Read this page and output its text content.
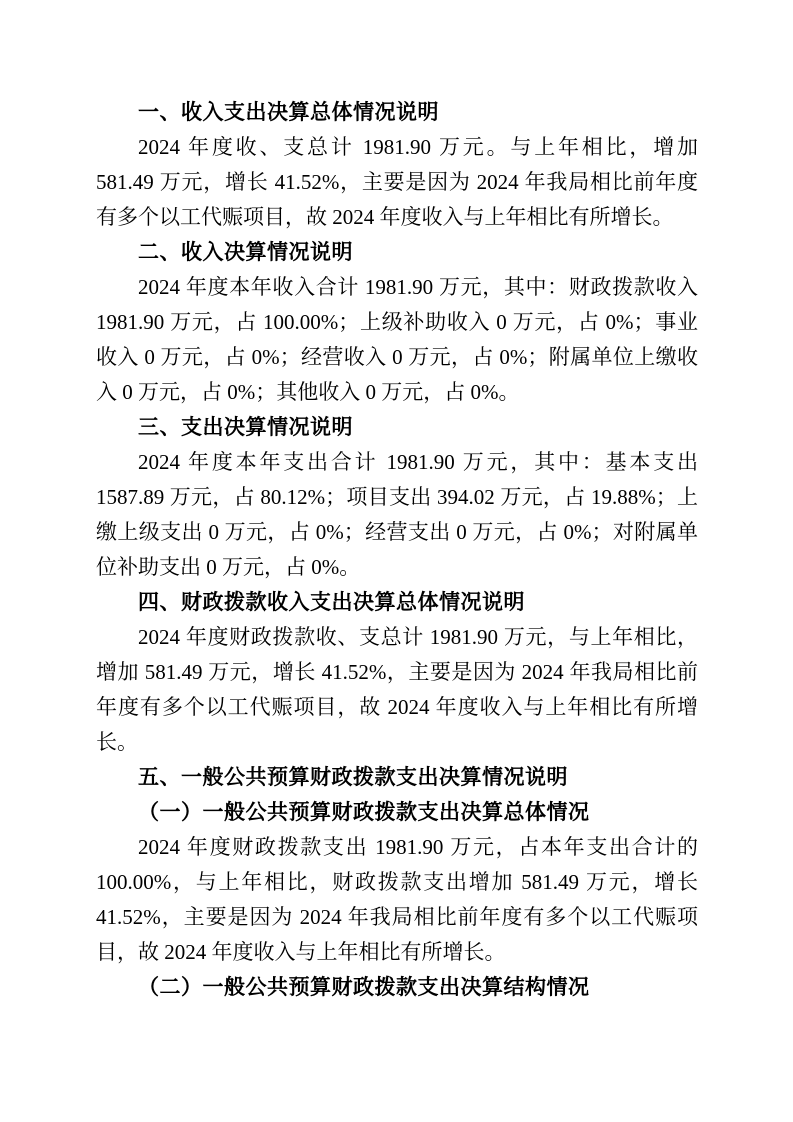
一、收入支出决算总体情况说明

2024 年度收、支总计 1981.90 万元。与上年相比，增加 581.49 万元，增长 41.52%，主要是因为 2024 年我局相比前年度有多个以工代赈项目，故 2024 年度收入与上年相比有所增长。

二、收入决算情况说明

2024 年度本年收入合计 1981.90 万元，其中：财政拨款收入 1981.90 万元，占 100.00%；上级补助收入 0 万元，占 0%；事业收入 0 万元，占 0%；经营收入 0 万元，占 0%；附属单位上缴收入 0 万元，占 0%；其他收入 0 万元，占 0%。

三、支出决算情况说明

2024 年度本年支出合计 1981.90 万元，其中：基本支出 1587.89 万元，占 80.12%；项目支出 394.02 万元，占 19.88%；上缴上级支出 0 万元，占 0%；经营支出 0 万元，占 0%；对附属单位补助支出 0 万元，占 0%。

四、财政拨款收入支出决算总体情况说明

2024 年度财政拨款收、支总计 1981.90 万元，与上年相比，增加 581.49 万元，增长 41.52%，主要是因为 2024 年我局相比前年度有多个以工代赈项目，故 2024 年度收入与上年相比有所增长。

五、一般公共预算财政拨款支出决算情况说明
（一）一般公共预算财政拨款支出决算总体情况

2024 年度财政拨款支出 1981.90 万元，占本年支出合计的 100.00%，与上年相比，财政拨款支出增加 581.49 万元，增长 41.52%，主要是因为 2024 年我局相比前年度有多个以工代赈项目，故 2024 年度收入与上年相比有所增长。

（二）一般公共预算财政拨款支出决算结构情况
